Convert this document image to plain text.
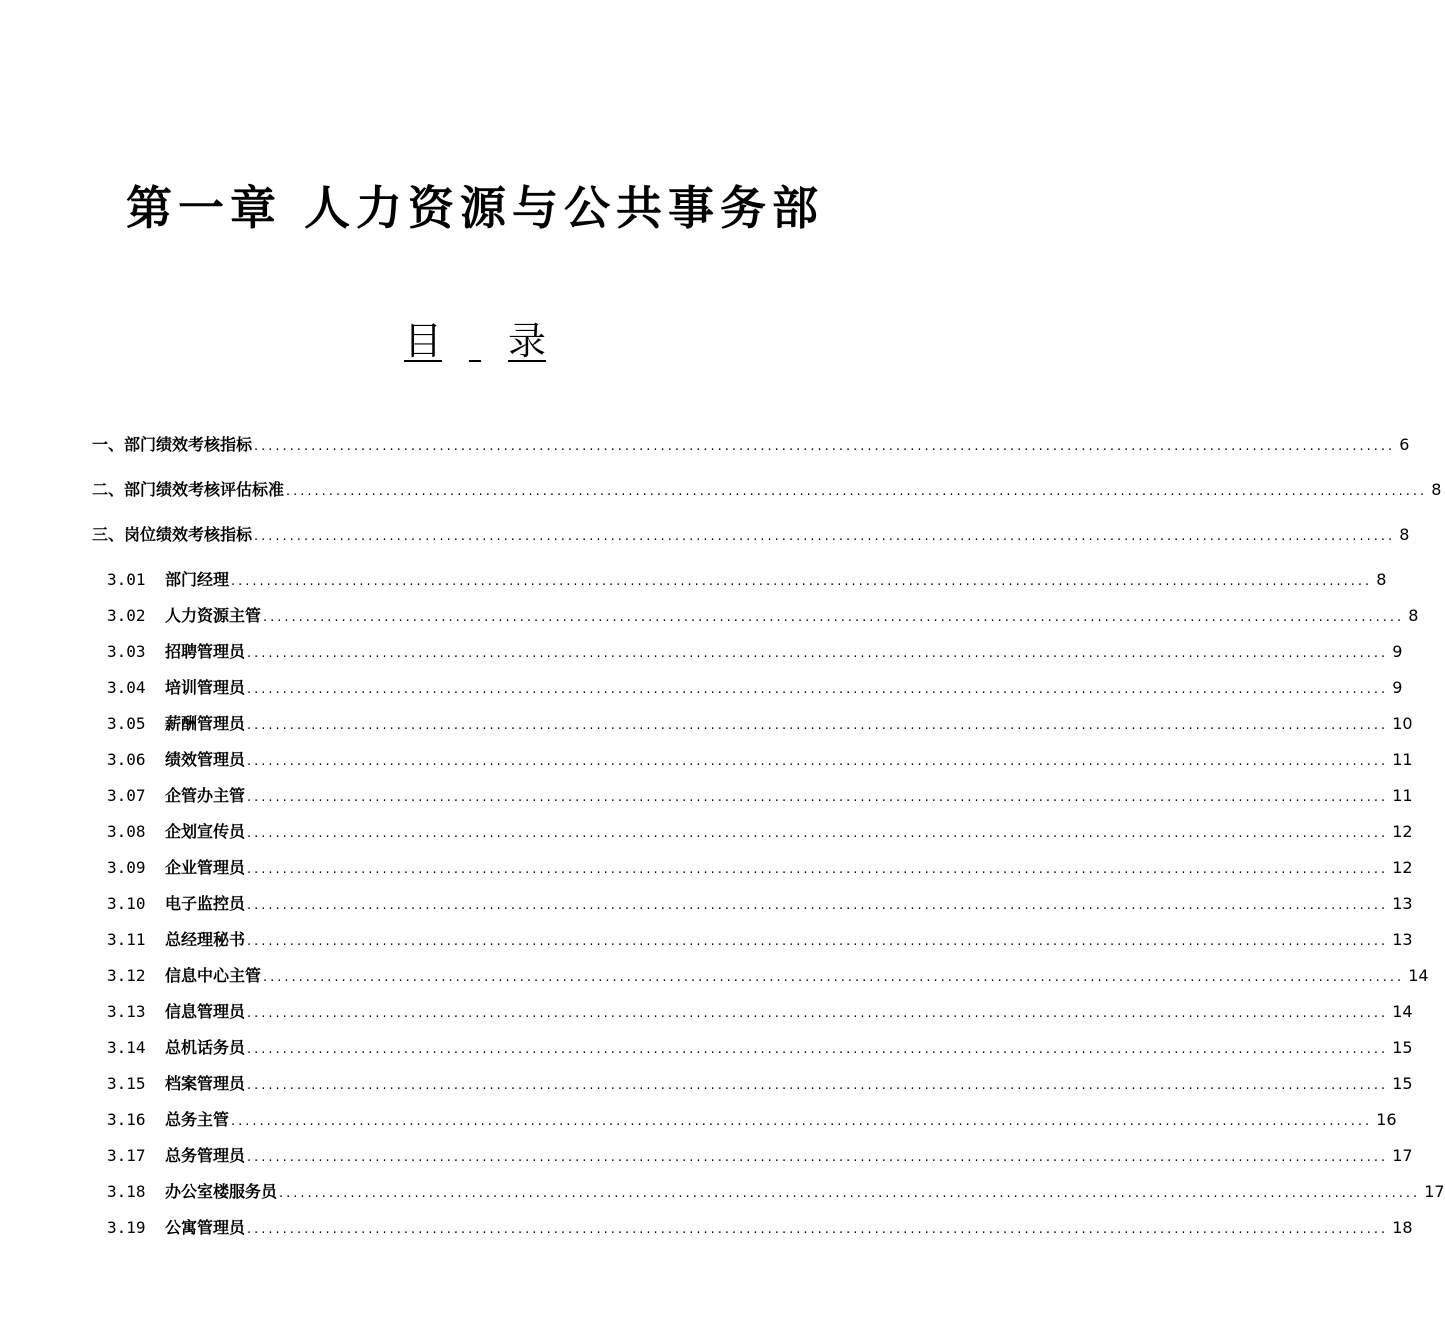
第一章 人力资源与公共事务部
目 录
一、部门绩效考核指标 ................................................................................................................................................................ 6
二、部门绩效考核评估标准 ................................................................................................................................................................ 8
三、岗位绩效考核指标 ................................................................................................................................................................ 8
3.01	部门经理 ................................................................................................................................................................ 8
3.02	人力资源主管 ................................................................................................................................................................ 8
3.03	招聘管理员 ................................................................................................................................................................ 9
3.04	培训管理员 ................................................................................................................................................................ 9
3.05	薪酬管理员 ................................................................................................................................................................ 10
3.06	绩效管理员 ................................................................................................................................................................ 11
3.07	企管办主管 ................................................................................................................................................................ 11
3.08	企划宣传员 ................................................................................................................................................................ 12
3.09	企业管理员 ................................................................................................................................................................ 12
3.10	电子监控员 ................................................................................................................................................................ 13
3.11	总经理秘书 ................................................................................................................................................................ 13
3.12	信息中心主管 ................................................................................................................................................................ 14
3.13	信息管理员 ................................................................................................................................................................ 14
3.14	总机话务员 ................................................................................................................................................................ 15
3.15	档案管理员 ................................................................................................................................................................ 15
3.16	总务主管 ................................................................................................................................................................ 16
3.17	总务管理员 ................................................................................................................................................................ 17
3.18	办公室楼服务员 ................................................................................................................................................................ 17
3.19	公寓管理员 ................................................................................................................................................................ 18
